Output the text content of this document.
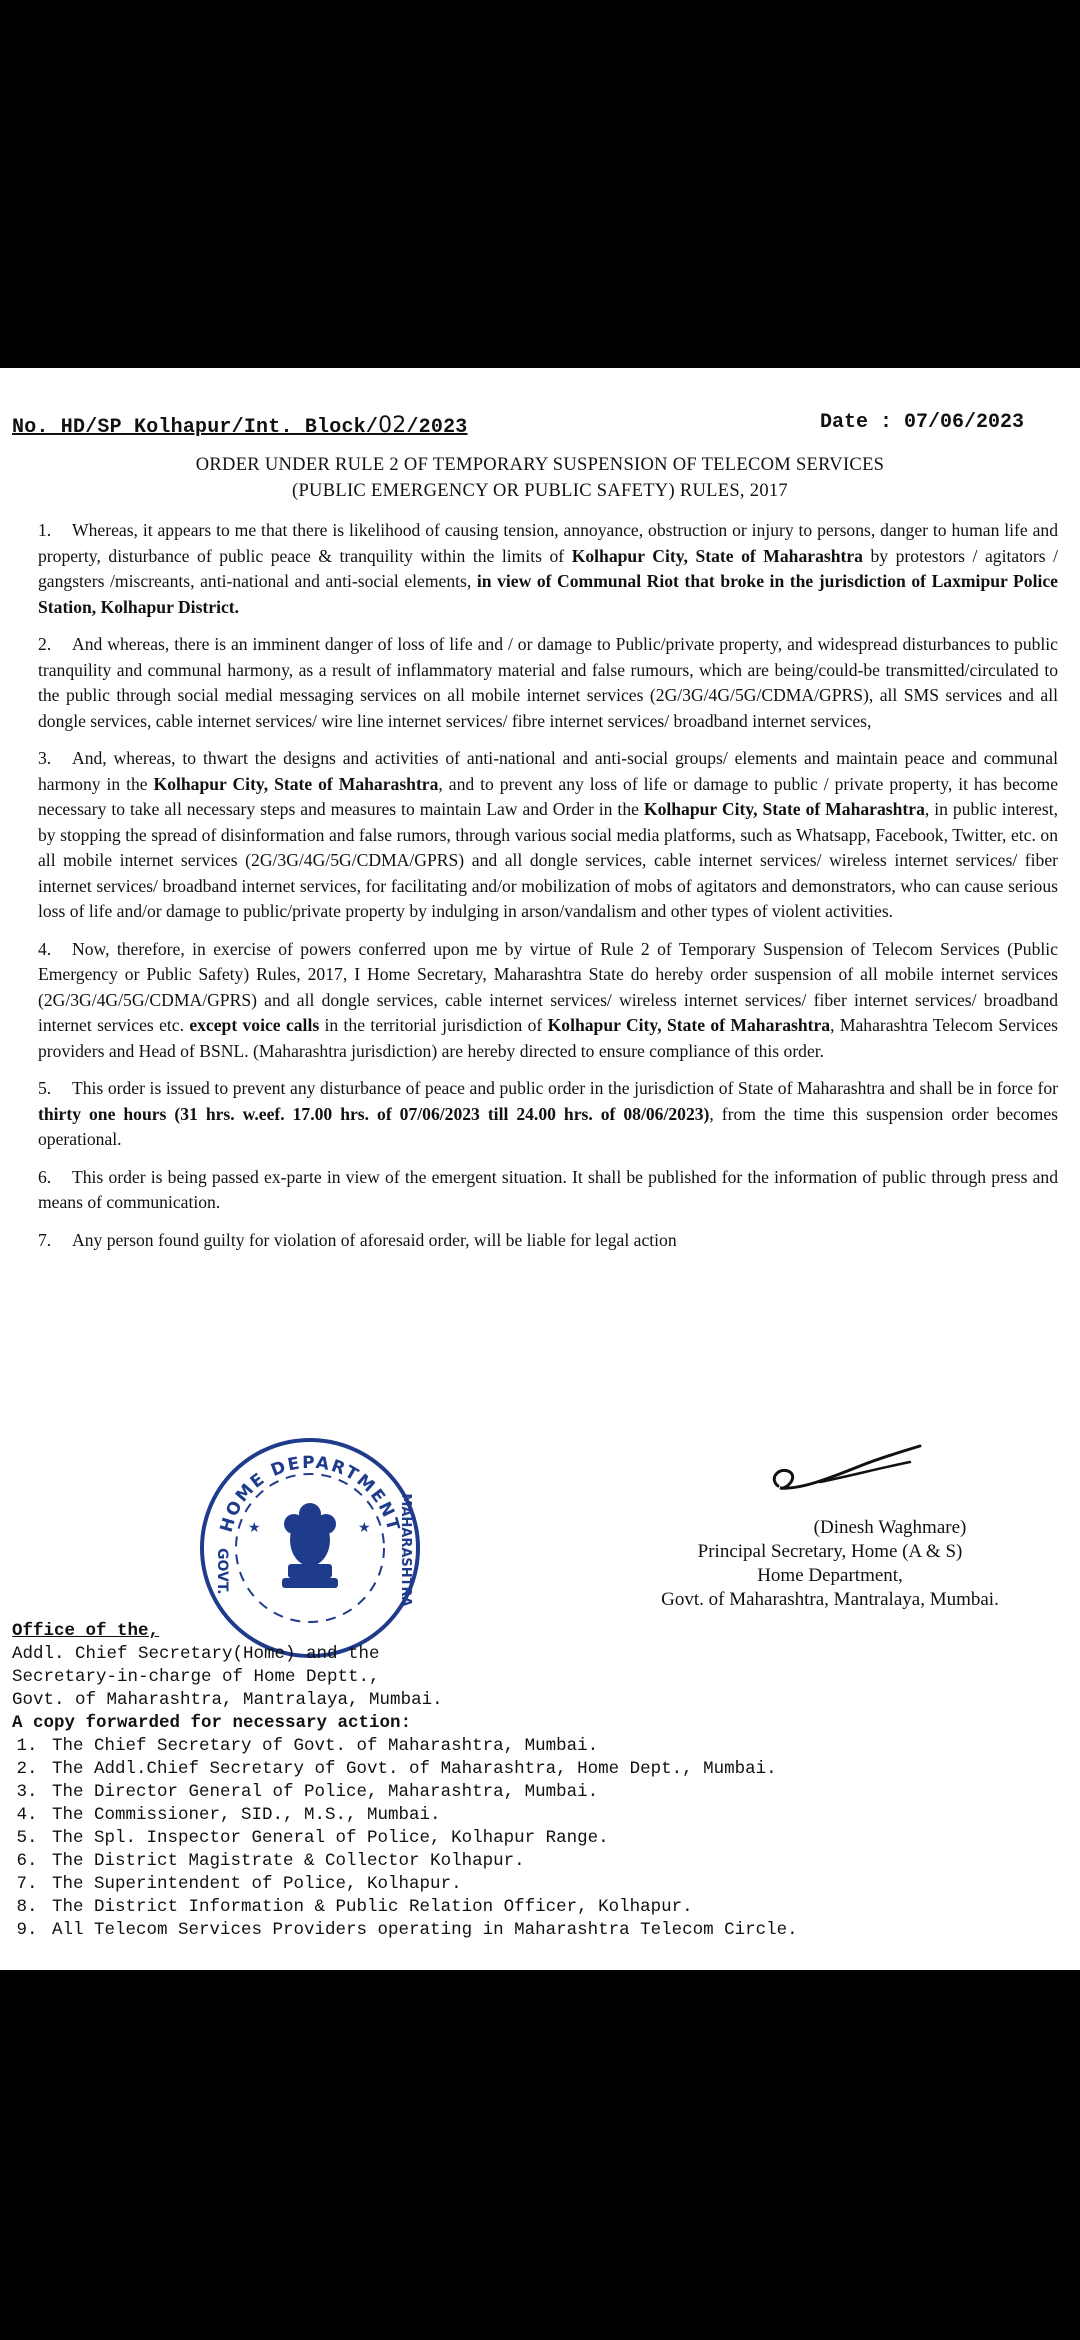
No. HD/SP Kolhapur/Int. Block/02/2023	Date : 07/06/2023
ORDER UNDER RULE 2 OF TEMPORARY SUSPENSION OF TELECOM SERVICES
(PUBLIC EMERGENCY OR PUBLIC SAFETY) RULES, 2017

1. Whereas, it appears to me that there is likelihood of causing tension, annoyance, obstruction or injury to persons, danger to human life and property, disturbance of public peace & tranquility within the limits of Kolhapur City, State of Maharashtra by protestors / agitators / gangsters /miscreants, anti-national and anti-social elements, in view of Communal Riot that broke in the jurisdiction of Laxmipur Police Station, Kolhapur District.

2. And whereas, there is an imminent danger of loss of life and / or damage to Public/private property, and widespread disturbances to public tranquility and communal harmony, as a result of inflammatory material and false rumours, which are being/could-be transmitted/circulated to the public through social medial messaging services on all mobile internet services (2G/3G/4G/5G/CDMA/GPRS), all SMS services and all dongle services, cable internet services/ wire line internet services/ fibre internet services/ broadband internet services,

3. And, whereas, to thwart the designs and activities of anti-national and anti-social groups/ elements and maintain peace and communal harmony in the Kolhapur City, State of Maharashtra, and to prevent any loss of life or damage to public / private property, it has become necessary to take all necessary steps and measures to maintain Law and Order in the Kolhapur City, State of Maharashtra, in public interest, by stopping the spread of disinformation and false rumors, through various social media platforms, such as Whatsapp, Facebook, Twitter, etc. on all mobile internet services (2G/3G/4G/5G/CDMA/GPRS) and all dongle services, cable internet services/ wireless internet services/ fiber internet services/ broadband internet services, for facilitating and/or mobilization of mobs of agitators and demonstrators, who can cause serious loss of life and/or damage to public/private property by indulging in arson/vandalism and other types of violent activities.

4. Now, therefore, in exercise of powers conferred upon me by virtue of Rule 2 of Temporary Suspension of Telecom Services (Public Emergency or Public Safety) Rules, 2017, I Home Secretary, Maharashtra State do hereby order suspension of all mobile internet services (2G/3G/4G/5G/CDMA/GPRS) and all dongle services, cable internet services/ wireless internet services/ fiber internet services/ broadband internet services etc. except voice calls in the territorial jurisdiction of Kolhapur City, State of Maharashtra, Maharashtra Telecom Services providers and Head of BSNL. (Maharashtra jurisdiction) are hereby directed to ensure compliance of this order.

5. This order is issued to prevent any disturbance of peace and public order in the jurisdiction of State of Maharashtra and shall be in force for thirty one hours (31 hrs. w.eef. 17.00 hrs. of 07/06/2023 till 24.00 hrs. of 08/06/2023), from the time this suspension order becomes operational.

6. This order is being passed ex-parte in view of the emergent situation. It shall be published for the information of public through press and means of communication.

7. Any person found guilty for violation of aforesaid order, will be liable for legal action

(Dinesh Waghmare)
Principal Secretary, Home (A & S)
Home Department,
Govt. of Maharashtra, Mantralaya, Mumbai.
HOME DEPARTMENT
GOVT.	MAHARASHTRA
★	★
Office of the,
Addl. Chief Secretary(Home) and the
Secretary-in-charge of Home Deptt.,
Govt. of Maharashtra, Mantralaya, Mumbai.
A copy forwarded for necessary action:
1. The Chief Secretary of Govt. of Maharashtra, Mumbai.
2. The Addl.Chief Secretary of Govt. of Maharashtra, Home Dept., Mumbai.
3. The Director General of Police, Maharashtra, Mumbai.
4. The Commissioner, SID., M.S., Mumbai.
5. The Spl. Inspector General of Police, Kolhapur Range.
6. The District Magistrate & Collector Kolhapur.
7. The Superintendent of Police, Kolhapur.
8. The District Information & Public Relation Officer, Kolhapur.
9. All Telecom Services Providers operating in Maharashtra Telecom Circle.
